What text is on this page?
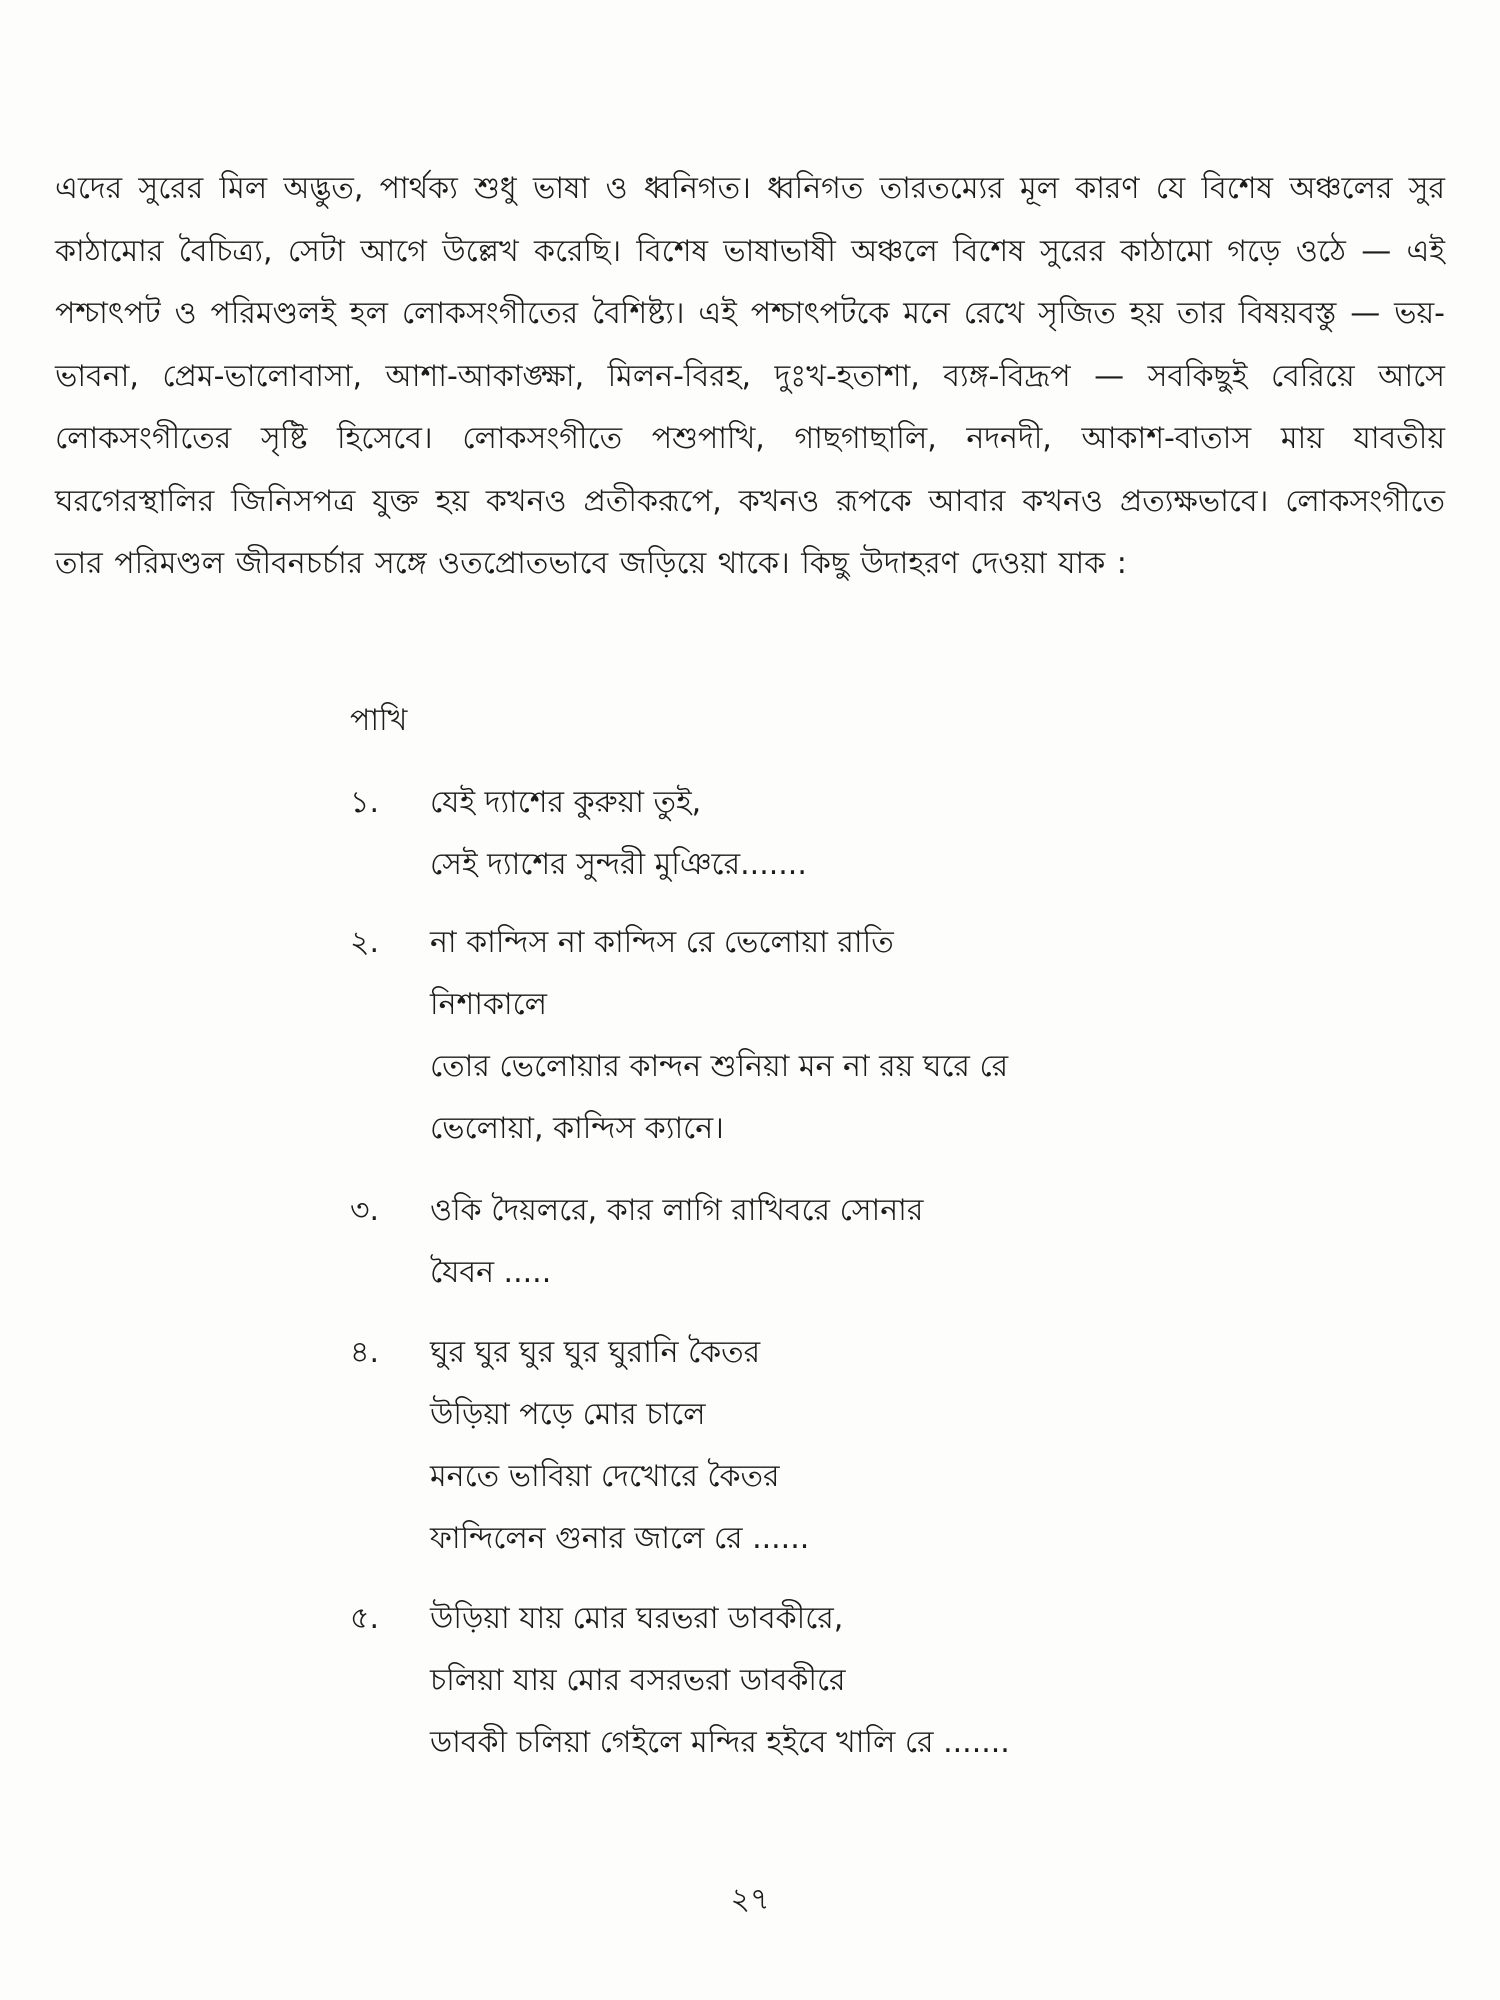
এদের সুরের মিল অদ্ভুত, পার্থক্য শুধু ভাষা ও ধ্বনিগত। ধ্বনিগত তারতম্যের মূল কারণ যে বিশেষ অঞ্চলের সুর কাঠামোর বৈচিত্র্য, সেটা আগে উল্লেখ করেছি। বিশেষ ভাষাভাষী অঞ্চলে বিশেষ সুরের কাঠামো গড়ে ওঠে — এই পশ্চাৎপট ও পরিমণ্ডলই হল লোকসংগীতের বৈশিষ্ট্য। এই পশ্চাৎপটকে মনে রেখে সৃজিত হয় তার বিষয়বস্তু — ভয়-ভাবনা, প্রেম-ভালোবাসা, আশা-আকাঙ্ক্ষা, মিলন-বিরহ, দুঃখ-হতাশা, ব্যঙ্গ-বিদ্রূপ — সবকিছুই বেরিয়ে আসে লোকসংগীতের সৃষ্টি হিসেবে। লোকসংগীতে পশুপাখি, গাছগাছালি, নদনদী, আকাশ-বাতাস মায় যাবতীয় ঘরগেরস্থালির জিনিসপত্র যুক্ত হয় কখনও প্রতীকরূপে, কখনও রূপকে আবার কখনও প্রত্যক্ষভাবে। লোকসংগীতে তার পরিমণ্ডল জীবনচর্চার সঙ্গে ওতপ্রোতভাবে জড়িয়ে থাকে। কিছু উদাহরণ দেওয়া যাক :

পাখি
১.	যেই দ্যাশের কুরুয়া তুই,
সেই দ্যাশের সুন্দরী মুঞিরে.......
২.	না কান্দিস না কান্দিস রে ভেলোয়া রাতি
নিশাকালে
তোর ভেলোয়ার কান্দন শুনিয়া মন না রয় ঘরে রে
ভেলোয়া, কান্দিস ক্যানে।
৩.	ওকি দৈয়লরে, কার লাগি রাখিবরে সোনার
যৈবন .....
৪.	ঘুর ঘুর ঘুর ঘুর ঘুরানি কৈতর
উড়িয়া পড়ে মোর চালে
মনতে ভাবিয়া দেখোরে কৈতর
ফান্দিলেন গুনার জালে রে ......
৫.	উড়িয়া যায় মোর ঘরভরা ডাবকীরে,
চলিয়া যায় মোর বসরভরা ডাবকীরে
ডাবকী চলিয়া গেইলে মন্দির হইবে খালি রে .......
২৭
